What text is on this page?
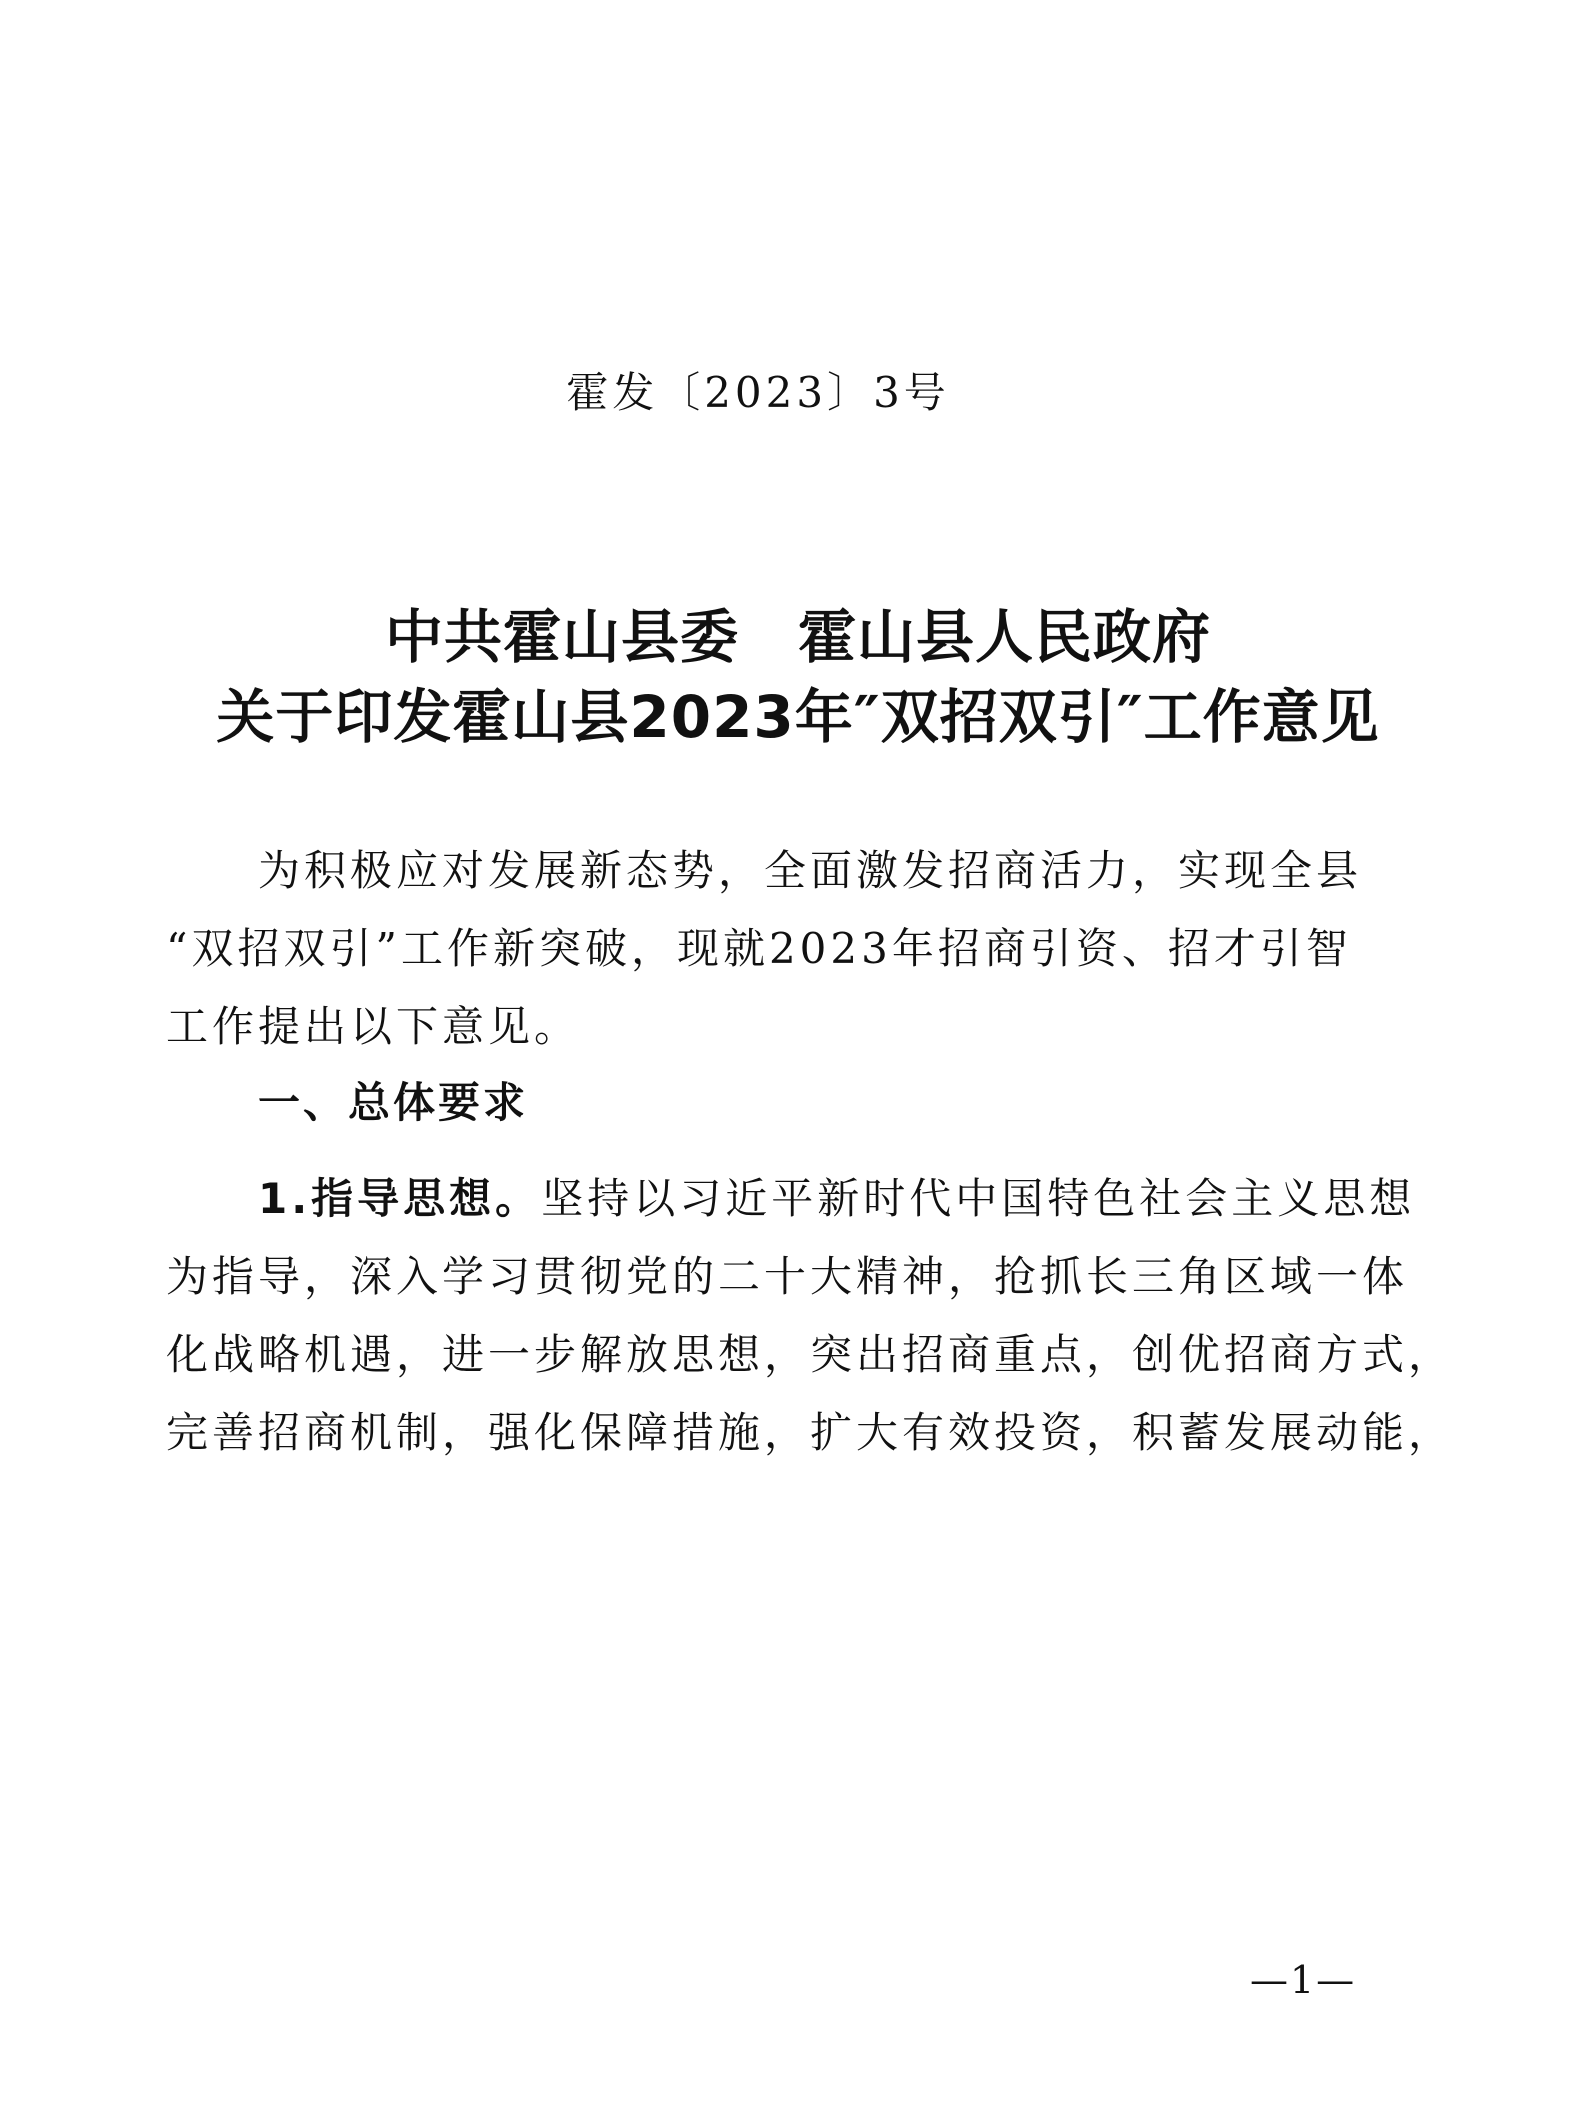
霍发〔2023〕3号
中共霍山县委　霍山县人民政府
关于印发霍山县2023年″双招双引″工作意见
为积极应对发展新态势，全面激发招商活力，实现全县
“双招双引”工作新突破，现就2023年招商引资、招才引智
工作提出以下意见。
一、总体要求
1.指导思想。坚持以习近平新时代中国特色社会主义思想
为指导，深入学习贯彻党的二十大精神，抢抓长三角区域一体
化战略机遇，进一步解放思想，突出招商重点，创优招商方式，
完善招商机制，强化保障措施，扩大有效投资，积蓄发展动能，
—1—
